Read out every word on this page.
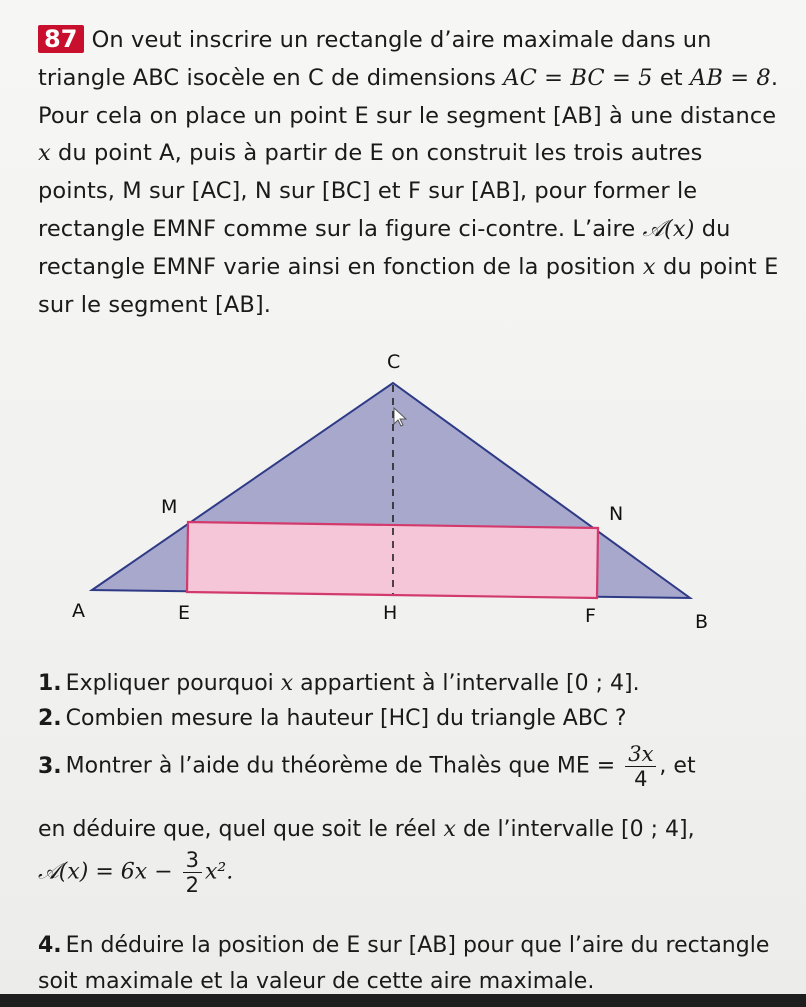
87 On veut inscrire un rectangle d’aire maximale dans un triangle ABC isocèle en C de dimensions AC = BC = 5 et AB = 8. Pour cela on place un point E sur le segment [AB] à une distance x du point A, puis à partir de E on construit les trois autres points, M sur [AC], N sur [BC] et F sur [AB], pour former le rectangle EMNF comme sur la figure ci-contre. L’aire 𝒜(x) du rectangle EMNF varie ainsi en fonction de la position x du point E sur le segment [AB].
C
M	N
A	E	H	F	B
1. Expliquer pourquoi x appartient à l’intervalle [0 ; 4].
2. Combien mesure la hauteur [HC] du triangle ABC ?
3. Montrer à l’aide du théorème de Thalès que ME = $\frac{3x}{4}$ , et
en déduire que, quel que soit le réel x de l’intervalle [0 ; 4],
𝒜(x) = $6x - \frac{3}{2} x^2$.
4. En déduire la position de E sur [AB] pour que l’aire du rectangle soit maximale et la valeur de cette aire maximale.
